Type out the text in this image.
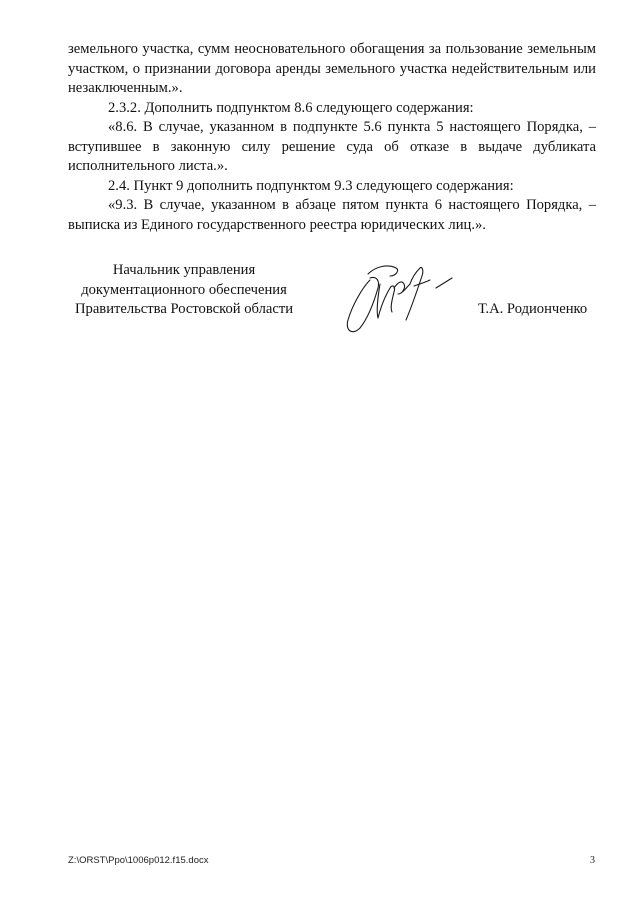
земельного участка, сумм неосновательного обогащения за пользование земельным участком, о признании договора аренды земельного участка недействительным или незаключенным.».

2.3.2. Дополнить подпунктом 8.6 следующего содержания:

«8.6. В случае, указанном в подпункте 5.6 пункта 5 настоящего Порядка, – вступившее в законную силу решение суда об отказе в выдаче дубликата исполнительного листа.».

2.4. Пункт 9 дополнить подпунктом 9.3 следующего содержания:

«9.3. В случае, указанном в абзаце пятом пункта 6 настоящего Порядка, – выписка из Единого государственного реестра юридических лиц.».

Начальник управления
документационного обеспечения
Правительства Ростовской области	Т.А. Родионченко
Z:\ORST\Ppo\1006p012.f15.docx	3
